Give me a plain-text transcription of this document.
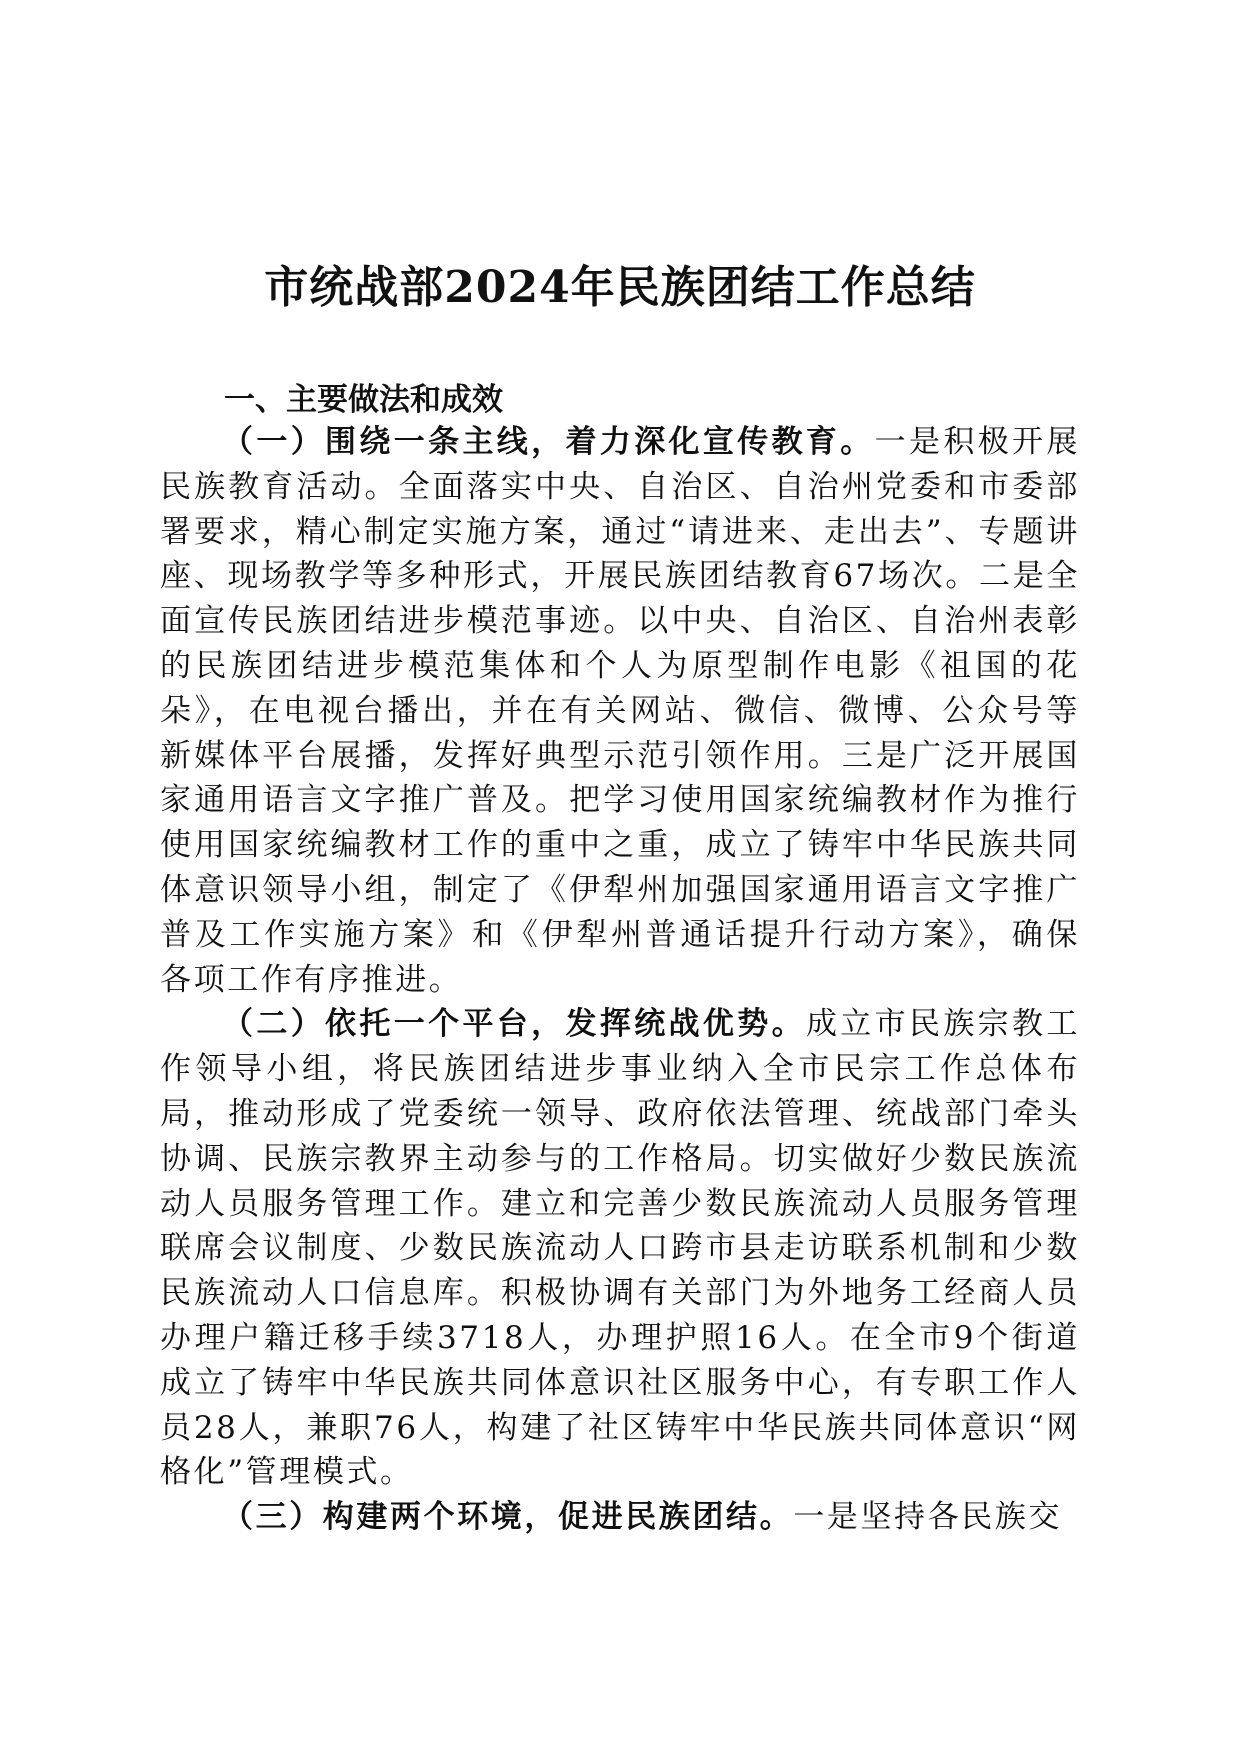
市统战部2024年民族团结工作总结

一、主要做法和成效

（一）围绕一条主线，着力深化宣传教育。一是积极开展民族教育活动。全面落实中央、自治区、自治州党委和市委部署要求，精心制定实施方案，通过“请进来、走出去”、专题讲座、现场教学等多种形式，开展民族团结教育67场次。二是全面宣传民族团结进步模范事迹。以中央、自治区、自治州表彰的民族团结进步模范集体和个人为原型制作电影《祖国的花朵》，在电视台播出，并在有关网站、微信、微博、公众号等新媒体平台展播，发挥好典型示范引领作用。三是广泛开展国家通用语言文字推广普及。把学习使用国家统编教材作为推行使用国家统编教材工作的重中之重，成立了铸牢中华民族共同体意识领导小组，制定了《伊犁州加强国家通用语言文字推广普及工作实施方案》和《伊犁州普通话提升行动方案》，确保各项工作有序推进。

（二）依托一个平台，发挥统战优势。成立市民族宗教工作领导小组，将民族团结进步事业纳入全市民宗工作总体布局，推动形成了党委统一领导、政府依法管理、统战部门牵头协调、民族宗教界主动参与的工作格局。切实做好少数民族流动人员服务管理工作。建立和完善少数民族流动人员服务管理联席会议制度、少数民族流动人口跨市县走访联系机制和少数民族流动人口信息库。积极协调有关部门为外地务工经商人员办理户籍迁移手续3718人，办理护照16人。在全市9个街道成立了铸牢中华民族共同体意识社区服务中心，有专职工作人员28人，兼职76人，构建了社区铸牢中华民族共同体意识“网格化”管理模式。

（三）构建两个环境，促进民族团结。一是坚持各民族交
